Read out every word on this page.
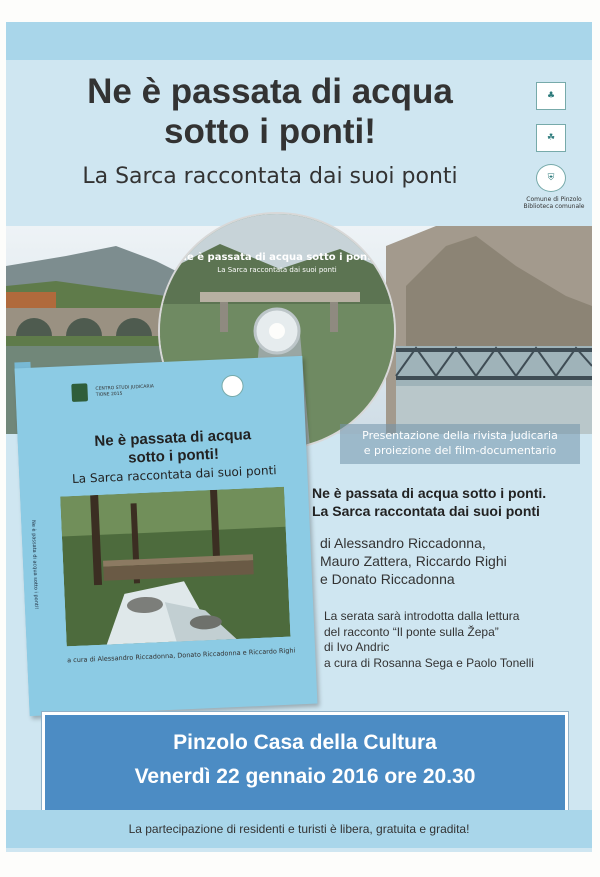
Ne è passata di acqua
sotto i ponti!
La Sarca raccontata dai suoi ponti
♣
☘
⛨
Comune di Pinzolo
Biblioteca comunale
Ne è passata di acqua sotto i ponti
La Sarca raccontata dai suoi ponti
Presentazione della rivista Judicaria
e proiezione del film-documentario
CENTRO STUDI JUDICARIA
TIONE 2015
Ne è passata di acqua
sotto i ponti!
La Sarca raccontata dai suoi ponti
a cura di Alessandro Riccadonna, Donato Riccadonna e Riccardo Righi
Ne è passata di acqua sotto i ponti!
Ne è passata di acqua sotto i ponti.
La Sarca raccontata dai suoi ponti
di Alessandro Riccadonna,
Mauro Zattera, Riccardo Righi
e Donato Riccadonna
La serata sarà introdotta dalla lettura
del racconto “Il ponte sulla Žepa”
di Ivo Andric
a cura di Rosanna Sega e Paolo Tonelli
Pinzolo Casa della Cultura
Venerdì 22 gennaio 2016 ore 20.30
La partecipazione di residenti e turisti è libera, gratuita e gradita!
